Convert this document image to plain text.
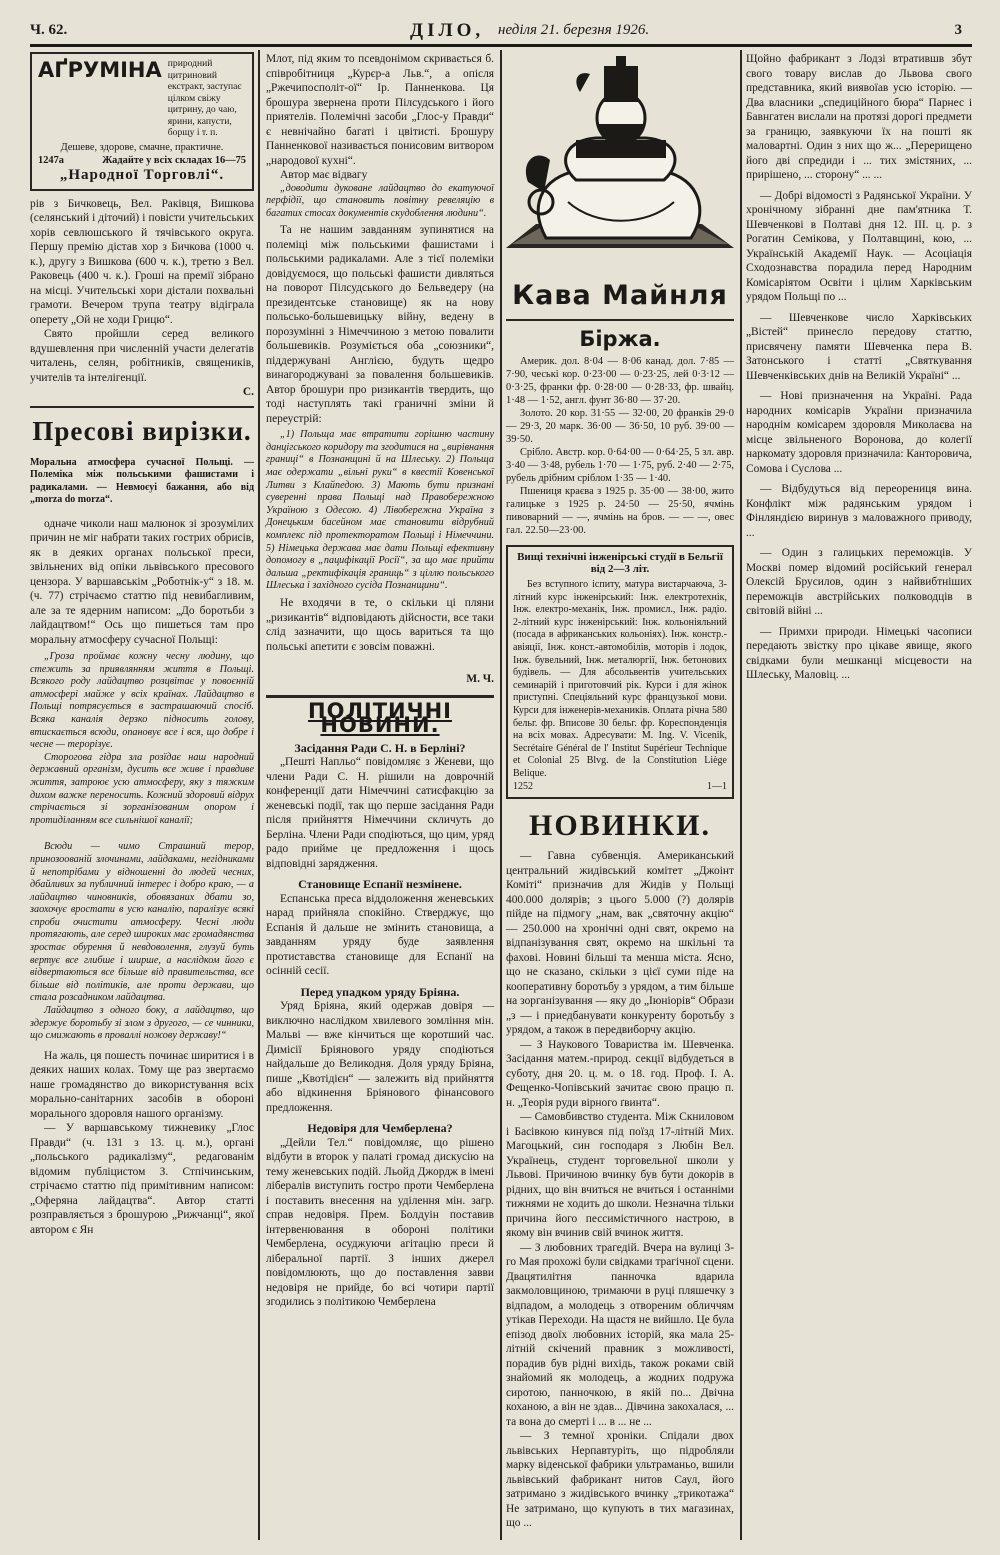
Ч. 62.	ДІЛО, неділя 21. березня 1926.	3
АҐРУМІНА природний цитриновий екстракт, заступає цілком свіжу цитрину, до чаю, ярини, капусти, борщу і т. п.
Дешеве, здорове, смачне, практичне.
1247а	Жадайте у всіх складах 16—75
„Народної Торговлі“.

рів з Бичковець, Вел. Раківця, Вишкова (селянський і діточий) і повісти учительських хорів севлюшського й тячівського округа. Першу премію дістав хор з Бичкова (1000 ч. к.), другу з Вишкова (600 ч. к.), третю з Вел. Раковець (400 ч. к.). Гроші на премії зібрано на місці. Учительські хори дістали похвальні грамоти. Вечером трупа театру відіграла оперету „Ой не ходи Грицю“.

Свято пройшли серед великого вдушевлення при численній участи делегатів читалень, селян, робітників, священиків, учителів та інтелігенції.

С.
Пресові вирізки.
Моральна атмосфера сучасної Польщі. — Полеміка між польськими фашистами і радикалами. — Невмоєуі бажання, або від „morza do morza“.

одначе чиколи наш малюнок зі зрозумілих причин не міг набрати таких гострих обрисів, як в деяких органах польської преси, звільнених від опіки львівського пресового цензора. У варшавськім „Роботнік-у“ з 18. м. (ч. 77) стрічаємо статтю під невибагливим, але за те ядерним написом: „До боротьби з лайдацтвом!“ Ось що пишеться там про моральну атмосферу сучасної Польщі:

„Гроза проймає кожну чесну людину, що стежить за приявлянням життя в Польщі. Всякого роду лайдацтво розцвітає у повоєнній атмосфері майже у всіх країнах. Лайдацтво в Польщі потрясується в застрашаючий спосіб. Всяка каналія дерзко підносить голову, втискається всюди, опановує все і вся, що добре і чесне — терорізує.

Сторогова гідра зла розїдає наш народний державний організм, дусить все живе і правдиве життя, затроює усю атмосферу, яку з тяжким дихом важке переносить. Кожний здоровий відрух стрічається зі зорганізованим опором і протиділанням все сильнішої каналії;

Всюди — чимо Страшний терор, принозоованій злочинами, лайдаками, негідниками й непотрібами у відношенні до людей чесних, дбайливих за публичний інтерес і добро краю, — а лайдацтво чиновників, обовязаних дбати зо, заохочує вростати в усю каналію, паралізує всякі спроби очистити атмосферу. Чесні люди протягають, але серед широких мас громадянства зростає обурення й невдоволення, глузуй буть вертує все глибше і ширше, а наслідком його є відвертаються все більше від правительства, все більше від політиків, але проти держави, що стала розсадником лайдацтва.

Лайдацтво з одного боку, а лайдацтво, що здержує боротьбу зі злом з другого, — се чинники, що смижають в проваллі ножову державу!“

На жаль, ця пошесть починає ширитися і в деяких наших колах. Тому ще раз звертаємо наше громадянство до використування всіх морально-санітарних засобів в обороні морального здоровля нашого організму.

— У варшавському тижневику „Глос Правди“ (ч. 131 з 13. ц. м.), органі „польського радикалізму“, редагованім відомим публіцистом З. Стпічинським, стрічаємо статтю під примітивним написом: „Оферяна лайдацтва“. Автор статті розправляється з брошурою „Рижчанці“, якої автором є Ян

Млот, під яким то псевдонімом скривається б. співробітниця „Курєр-а Льв.“, а опісля „Ржечипосполіт-ої“ Ір. Панненкова. Ця брошура звернена проти Пілсудського і його приятелів. Полемічні засоби „Глос-у Правди“ є невнічайно багаті і цвітисті. Брошуру Панненкової називається понисовим витвором „народової кухні“.

Автор має відвагу

„доводити дуковане лайдацтво до екатуючої перфідії, що становить повітну ревеляцію в багатих стосах документів скудоблення людини“.

Та не нашим завданням зупинятися на полеміці між польськими фашистами і польськими радикалами. Але з тієї полеміки довідуємося, що польські фашисти дивляться на поворот Пілсудського до Бельведеру (на президентське становище) як на нову польсько-большевицьку війну, ведену в порозумінні з Німеччиною з метою повалити большевиків. Розуміється оба „союзники“, піддержувані Англією, будуть щедро винагороджувані за повалення большевиків. Автор брошури про ризикантів твердить, що тоді наступлять такі граничні зміни й переустрій:

„1) Польща має втратити горішню частину данцігського коридору та згодитися на „вирівнання границі“ в Познанщині й на Шлеську. 2) Польща має одержати „вільні руки“ в квестії Ковенської Литви з Клайпедою. 3) Мають бути признані суверенні права Польщі над Правобережною Україною з Одесою. 4) Лівобережна Україна з Донецьким басейном має становити відрубний комплекс під протекторатом Польщі і Німеччини. 5) Німецька держава має дати Польщі ефективну допомогу в „пацифікації Росії“, за що має прийти дальша „ректифікація границь“ з ціллю польського Шлеська і західного сусіда Познанщини“.

Не входячи в те, о скільки ці пляни „ризикантів“ відповідають дійсности, все таки слід зазначити, що щось вариться та що польські апетити є зовсім поважні.

М. Ч.
ПОЛІТИЧНІ НОВИНИ.
Засідання Ради С. Н. в Берліні?

„Пешті Напльо“ повідомляє з Женеви, що члени Ради С. Н. рішили на доврочній конференції дати Німеччині сатисфакцію за женевські події, так що перше засідання Ради після прийняття Німеччини скличуть до Берліна. Члени Ради сподіються, що цим, уряд радо прийме це предложення і щось відповідні зарядження.

Становище Еспанії незмінене.

Еспанська преса віддоложення женевських нарад прийняла спокійно. Стверджує, що Еспанія й дальше не змінить становища, а завданням уряду буде заявлення протиставства становище для Еспанії на осінній сесії.

Перед упадком уряду Бріяна.

Уряд Бріяна, який одержав довіря — виключно наслідком хвилевого зомління мін. Мальві — вже кінчиться ще коротший час. Димісії Бріянового уряду сподіються найдальше до Великодня. Доля уряду Бріяна, пише „Квотідієн“ — залежить від прийняття або відкинення Бріянового фінансового предложення.

Недовіря для Чемберлена?

„Дейли Тел.“ повідомляє, що рішено відбути в второк у палаті громад дискусію на тему женевських подій. Льойд Джордж в імені лібералів виступить гостро проти Чемберлена і поставить внесення на уділення мін. загр. справ недовіря. Прем. Болдуін поставив інтервенювання в обороні політики Чемберлена, осуджуючи агітацію преси й ліберальної партії. З інших джерел повідомлюють, що до поставлення завви недовіря не прийде, бо всі чотири партії згодились з політикою Чемберлена

Кава Майнля
Біржа.

Америк. дол. 8·04 — 8·06 канад. дол. 7·85 — 7·90, чеські кор. 0·23·00 — 0·23·25, лей 0·3·12 — 0·3·25, франки фр. 0·28·00 — 0·28·33, фр. швайц. 1·48 — 1·52, англ. фунт 36·80 — 37·20.

Золото. 20 кор. 31·55 — 32·00, 20 франків 29·0 — 29·3, 20 марк. 36·00 — 36·50, 10 руб. 39·00 — 39·50.

Срібло. Австр. кор. 0·64·00 — 0·64·25, 5 зл. авр. 3·40 — 3·48, рубель 1·70 — 1·75, руб. 2·40 — 2·75, рубель дрібним сріблом 1·35 — 1·40.

Пшениця краєва з 1925 р. 35·00 — 38·00, жито галицьке з 1925 р. 24·50 — 25·50, ячмінь пивоварний — —, ячмінь на бров. — — —, овес гал. 22.50—23·00.

Вищі технічні інженірські студії в Бельгії від 2—3 літ.

Без вступного іспиту, матура вистарчаюча, 3-літний курс інженірський: Інж. електротехнік, Інж. електро-механік, Інж. промисл., Інж. радіо. 2-літний курс інженірський: Інж. кольоніяльний (посада в африканських кольоніях). Інж. констр.-авіяції, Інж. конст.-автомобілів, моторів і лодок, Інж. бувельний, Інж. металюргії, Інж. бетонових будівель. — Для абсольвентів учительських семинарій і приготовчий рік. Курси і для жінок приступні. Спеціяльний курс французької мови. Курси для інженерів-механиків. Оплата річна 580 бельг. фр. Вписове 30 бельг. фр. Кореспонденція на всіх мовах. Адресувати: M. Ing. V. Vicenik, Secrétaire Général de l' Institut Supérieur Technique et Colonial 25 Blvg. de la Constitution Liège Belique.

1252	1—1
НОВИНКИ.

— Гавна субвенція. Американський центральний жидівський комітет „Джоінт Коміті“ призначив для Жидів у Польщі 400.000 долярів; з цього 5.000 (?) долярів пійде на підмогу „нам, вак „святочну акцію“ — 250.000 на хронічні одні свят, окремо на відпанізування свят, окремо на шкільні та фахові. Новині більші та менша міста. Ясно, що не сказано, скільки з цієї суми піде на кооперативну боротьбу з урядом, а тим більше на зорганізування — яку до „Іюніорів“ Образи „з — і приедбанувати конкуренту боротьбу з урядом, а також в передвиборчу акцію.

— З Наукового Товариства ім. Шевченка. Засідання матем.-природ. секції відбудеться в суботу, дня 20. ц. м. о 18. год. Проф. І. А. Фещенко-Чопівський зачитає свою працю п. н. „Теорія руди вірного ґвинта“.

— Самовбивство студента. Між Скниловом і Басівкою кинувся під поїзд 17-літній Мих. Магоцький, син господаря з Любін Вел. Українець, студент торговельної школи у Львові. Причиною вчинку був бути докорів в рідних, що він вчиться не вчиться і останніми тижнями не ходить до школи. Незначна тільки причина його пессимістичного настрою, в якому він вчинив свій вчинок життя.

— З любовних трагедій. Вчера на вулиці 3-го Мая прохожі були свідками трагічної сцени. Двацятилітня панночка вдарила закмоловщиною, тримаючи в руці пляшечку з відпадом, а молодець з отвореним обличчям утікав Переходи. На щастя не вийшло. Це була епізод двоїх любовних історій, яка мала 25-літній скічений правник з можливості, порадив був рідні вихідь, також роками свій знайомий як молодець, а жодних подружа сиротою, панночкою, в якій по... Двічна коханою, а він не здав... Дівчина закохалася, ... та вона до смерті і ... в ... не ...

— З темної хроніки. Спідали двох львівських Нерпавтуріть, що підробляли марку віденської фабрики ультраманьо, вшили львівський фабрикант нитов Саул, його затримано з жидівського вчинку „трикотажа“ Не затримано, що купують в тих магазинах, що ...

Щойно фабрикант з Лодзі втратившв збут свого товару вислав до Львова свого представника, який виявоїав усю історію. — Два власники „спедиційного бюра“ Парнес і Бавнгатен вислали на протязі дорогі предмети за границю, заявкуючи їх на пошті як маловартні. Один з них що ж... „Перерищено його дві спредиди і ... тих змістяних, ... прирішено, ... сторону“ ... ...

— Добрі відомості з Радянської України. У хронічному зібранні дне пам'ятника Т. Шевченкові в Полтаві дня 12. ІІІ. ц. р. з Рогатин Семікова, у Полтавщині, кою, ... Українській Академії Наук. — Асоціація Сходознавства порадила перед Народним Комісаріятом Освіти і цілим Харківським урядом Польщі по ...

— Шевченкове число Харківських „Вістей“ принесло передову статтю, присвячену памяти Шевченка пера В. Затонського і статті „Святкування Шевченківських днів на Великій Україні“ ...

— Нові призначення на Україні. Рада народних комісарів України призначила народнім комісарем здоровля Миколаєва на місце звільненого Воронова, до колегії наркомату здоровля призначила: Канторовича, Сомова і Суслова ...

— Відбудуться від переорениця вина. Конфлікт між радянським урядом і Фінляндією виринув з маловажного приводу, ...

— Один з галицьких переможців. У Москві помер відомий російський генерал Олексій Брусилов, один з найвибтніших переможців австрійських полководців в світовій війні ...

— Примхи природи. Німецькі часописи передають звістку про цікаве явище, якого свідками були мешканці місцевости на Шлеську, Маловіц. ...
